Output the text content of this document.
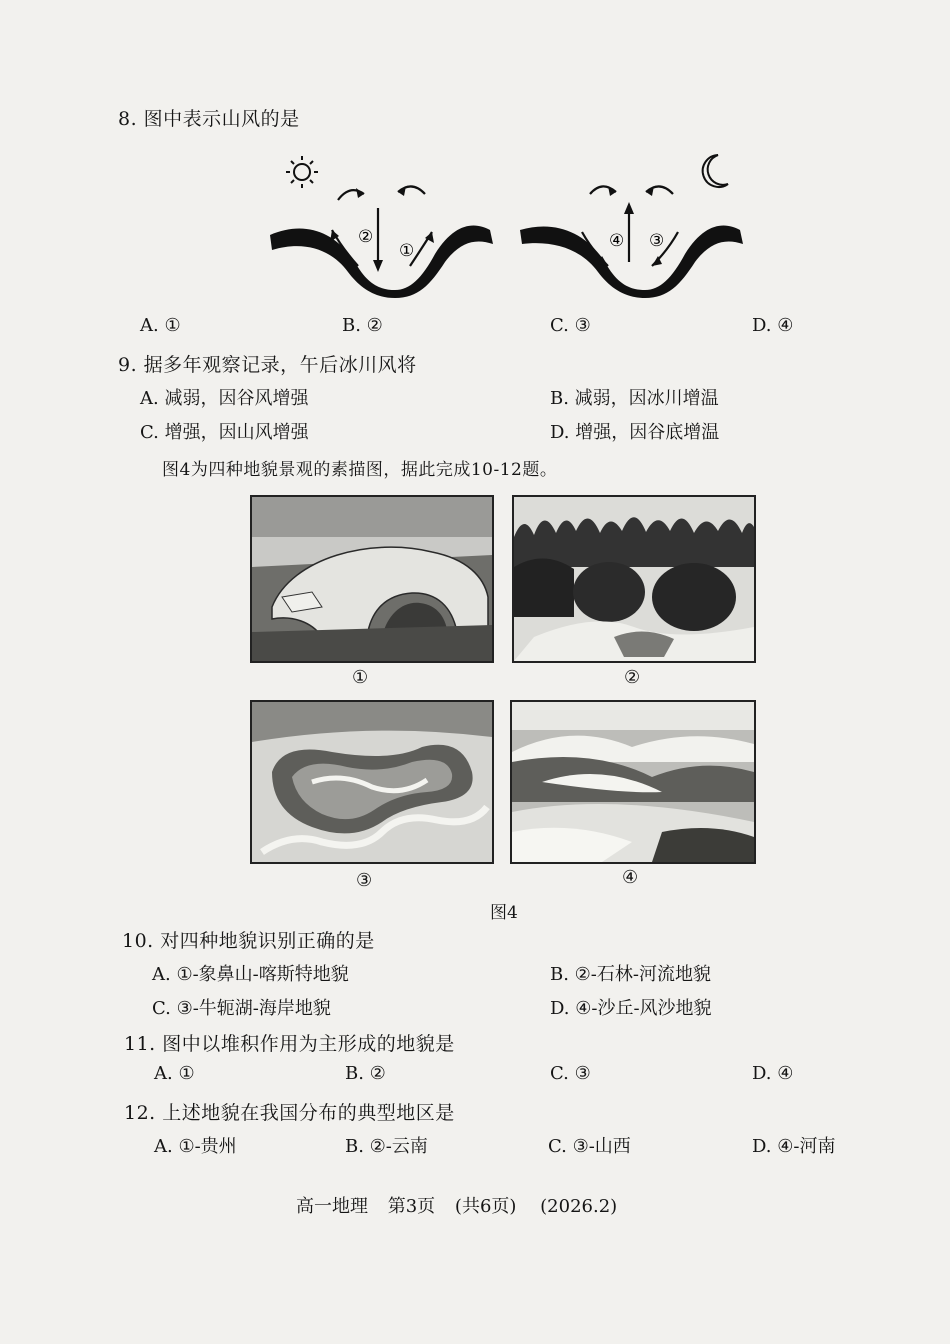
8. 图中表示山风的是
②
①	④ ③
A. ①	B. ②	C. ③	D. ④
9. 据多年观察记录，午后冰川风将
A. 减弱，因谷风增强	B. 减弱，因冰川增温
C. 增强，因山风增强	D. 增强，因谷底增温
图4为四种地貌景观的素描图，据此完成10-12题。
①	②
③	④
图4
10. 对四种地貌识别正确的是
A. ①-象鼻山-喀斯特地貌	B. ②-石林-河流地貌
C. ③-牛轭湖-海岸地貌	D. ④-沙丘-风沙地貌
11. 图中以堆积作用为主形成的地貌是
A. ①	B. ②	C. ③	D. ④
12. 上述地貌在我国分布的典型地区是
A. ①-贵州	B. ②-云南	C. ③-山西	D. ④-河南
高一地理 第3页 (共6页) (2026.2)
